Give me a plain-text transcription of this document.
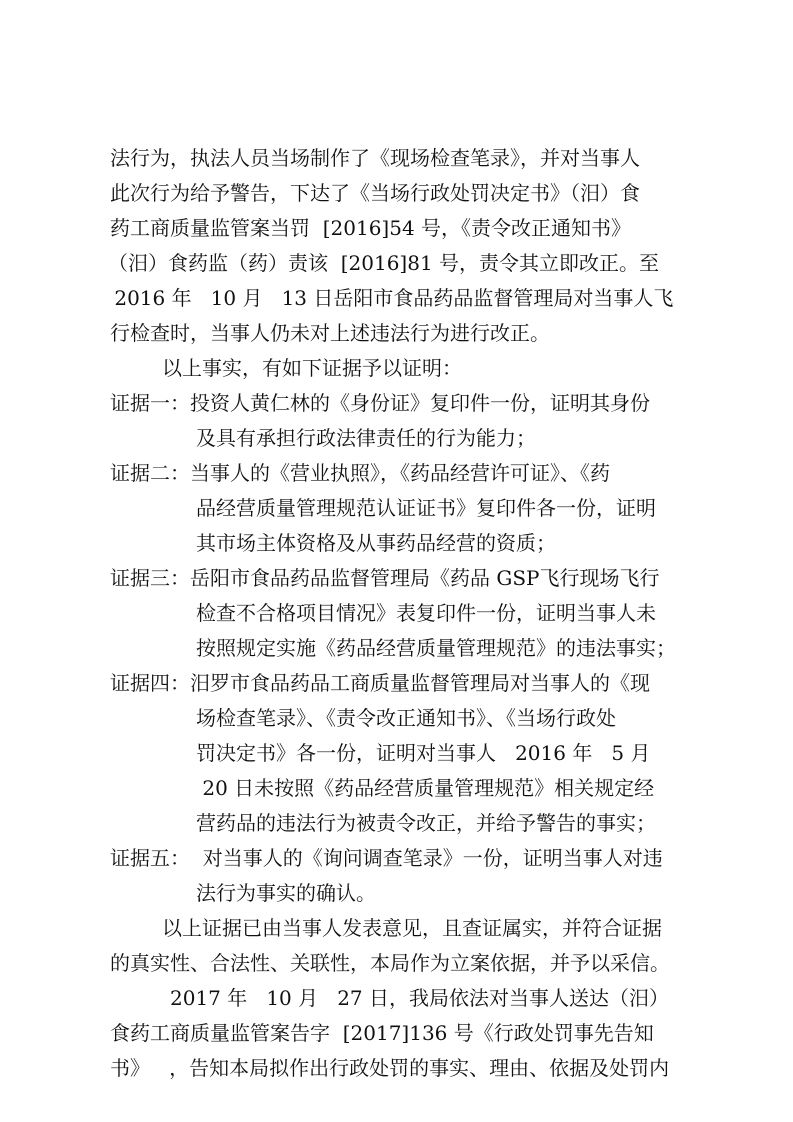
法行为，执法人员当场制作了《现场检查笔录》，并对当事人
此次行为给予警告，下达了《当场行政处罚决定书》（汨）食
药工商质量监管案当罚  [2016]54 号，《责令改正通知书》
（汨）食药监（药）责该  [2016]81 号，责令其立即改正。至
2016 年   10 月   13 日岳阳市食品药品监督管理局对当事人飞
行检查时，当事人仍未对上述违法行为进行改正。
以上事实，有如下证据予以证明：
证据一：投资人黄仁林的《身份证》复印件一份，证明其身份
及具有承担行政法律责任的行为能力；
证据二：当事人的《营业执照》，《药品经营许可证》、《药
品经营质量管理规范认证证书》复印件各一份，证明
其市场主体资格及从事药品经营的资质；
证据三：岳阳市食品药品监督管理局《药品 GSP飞行现场飞行
检查不合格项目情况》表复印件一份，证明当事人未
按照规定实施《药品经营质量管理规范》的违法事实；
证据四：汨罗市食品药品工商质量监督管理局对当事人的《现
场检查笔录》、《责令改正通知书》、《当场行政处
罚决定书》各一份，证明对当事人   2016 年   5 月
20 日未按照《药品经营质量管理规范》相关规定经
营药品的违法行为被责令改正，并给予警告的事实；
证据五：  对当事人的《询问调查笔录》一份，证明当事人对违
法行为事实的确认。
以上证据已由当事人发表意见，且查证属实，并符合证据
的真实性、合法性、关联性，本局作为立案依据，并予以采信。
2017 年   10 月   27 日，我局依法对当事人送达（汨）
食药工商质量监管案告字  [2017]136 号《行政处罚事先告知
书》   ，告知本局拟作出行政处罚的事实、理由、依据及处罚内
